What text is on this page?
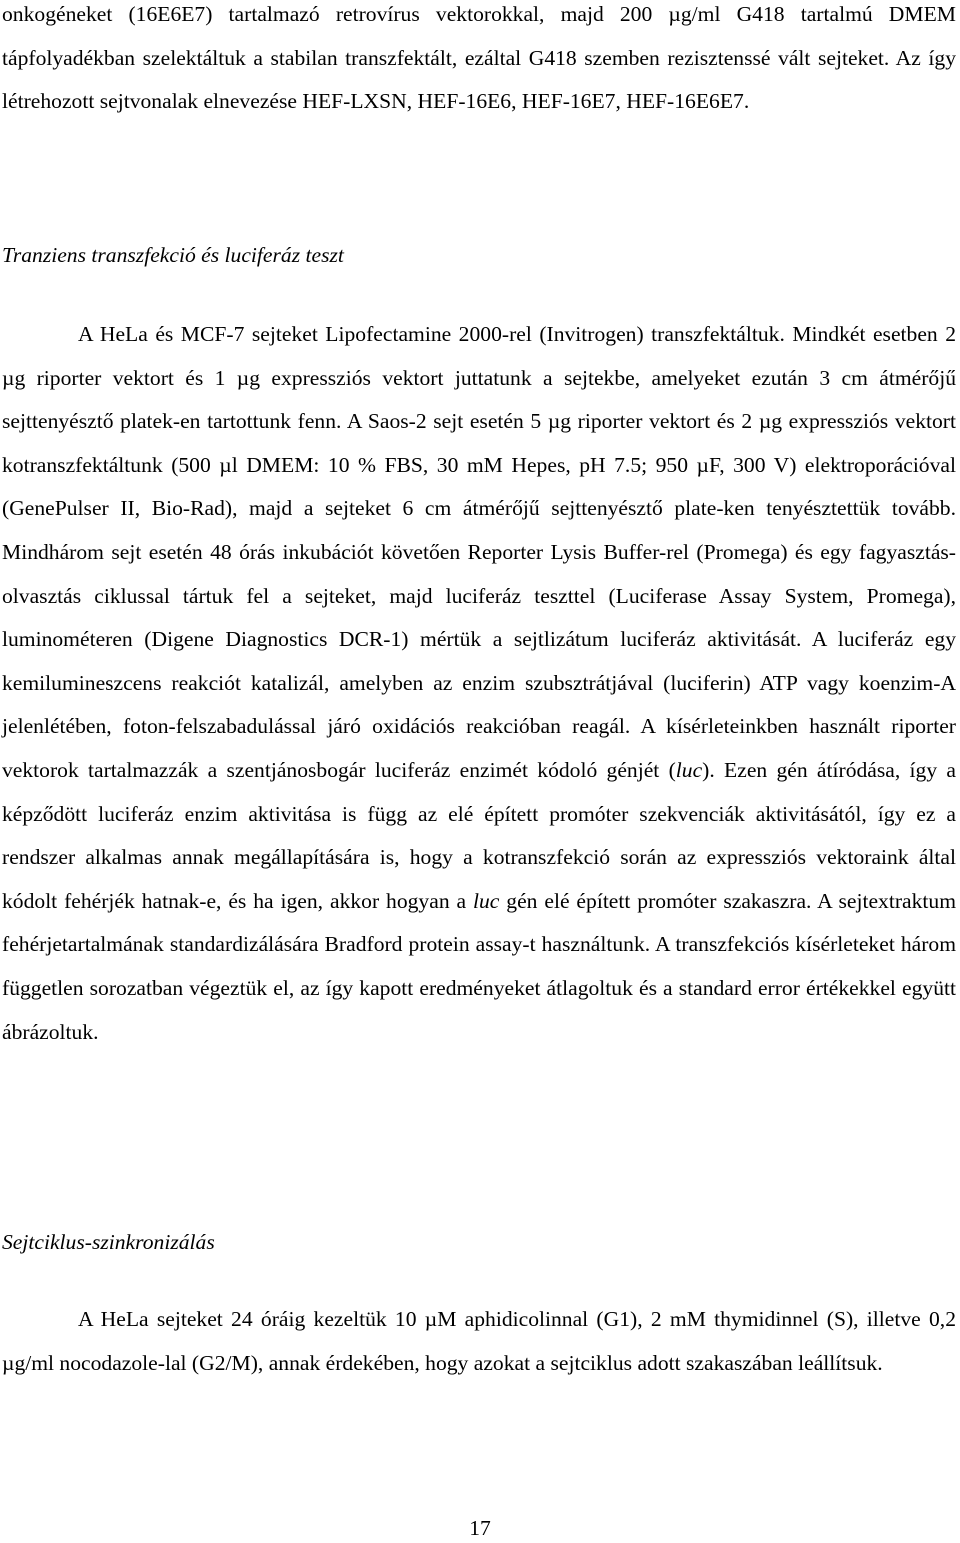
onkogéneket (16E6E7) tartalmazó retrovírus vektorokkal, majd 200 µg/ml G418 tartalmú DMEM tápfolyadékban szelektáltuk a stabilan transzfektált, ezáltal G418 szemben rezisztenssé vált sejteket. Az így létrehozott sejtvonalak elnevezése HEF-LXSN, HEF-16E6, HEF-16E7, HEF-16E6E7.

Tranziens transzfekció és luciferáz teszt

A HeLa és MCF-7 sejteket Lipofectamine 2000-rel (Invitrogen) transzfektáltuk. Mindkét esetben 2 µg riporter vektort és 1 µg expressziós vektort juttatunk a sejtekbe, amelyeket ezután 3 cm átmérőjű sejttenyésztő platek-en tartottunk fenn. A Saos-2 sejt esetén 5 µg riporter vektort és 2 µg expressziós vektort kotranszfektáltunk (500 µl DMEM: 10 % FBS, 30 mM Hepes, pH 7.5; 950 µF, 300 V) elektroporációval (GenePulser II, Bio-Rad), majd a sejteket 6 cm átmérőjű sejttenyésztő plate-ken tenyésztettük tovább. Mindhárom sejt esetén 48 órás inkubációt követően Reporter Lysis Buffer-rel (Promega) és egy fagyasztás-olvasztás ciklussal tártuk fel a sejteket, majd luciferáz teszttel (Luciferase Assay System, Promega), luminométeren (Digene Diagnostics DCR-1) mértük a sejtlizátum luciferáz aktivitását. A luciferáz egy kemilumineszcens reakciót katalizál, amelyben az enzim szubsztrátjával (luciferin) ATP vagy koenzim-A jelenlétében, foton-felszabadulással járó oxidációs reakcióban reagál. A kísérleteinkben használt riporter vektorok tartalmazzák a szentjánosbogár luciferáz enzimét kódoló génjét (luc). Ezen gén átíródása, így a képződött luciferáz enzim aktivitása is függ az elé épített promóter szekvenciák aktivitásától, így ez a rendszer alkalmas annak megállapítására is, hogy a kotranszfekció során az expressziós vektoraink által kódolt fehérjék hatnak-e, és ha igen, akkor hogyan a luc gén elé épített promóter szakaszra. A sejtextraktum fehérjetartalmának standardizálására Bradford protein assay-t használtunk. A transzfekciós kísérleteket három független sorozatban végeztük el, az így kapott eredményeket átlagoltuk és a standard error értékekkel együtt ábrázoltuk.

Sejtciklus-szinkronizálás

A HeLa sejteket 24 óráig kezeltük 10 µM aphidicolinnal (G1), 2 mM thymidinnel (S), illetve 0,2 µg/ml nocodazole-lal (G2/M), annak érdekében, hogy azokat a sejtciklus adott szakaszában leállítsuk.

17
